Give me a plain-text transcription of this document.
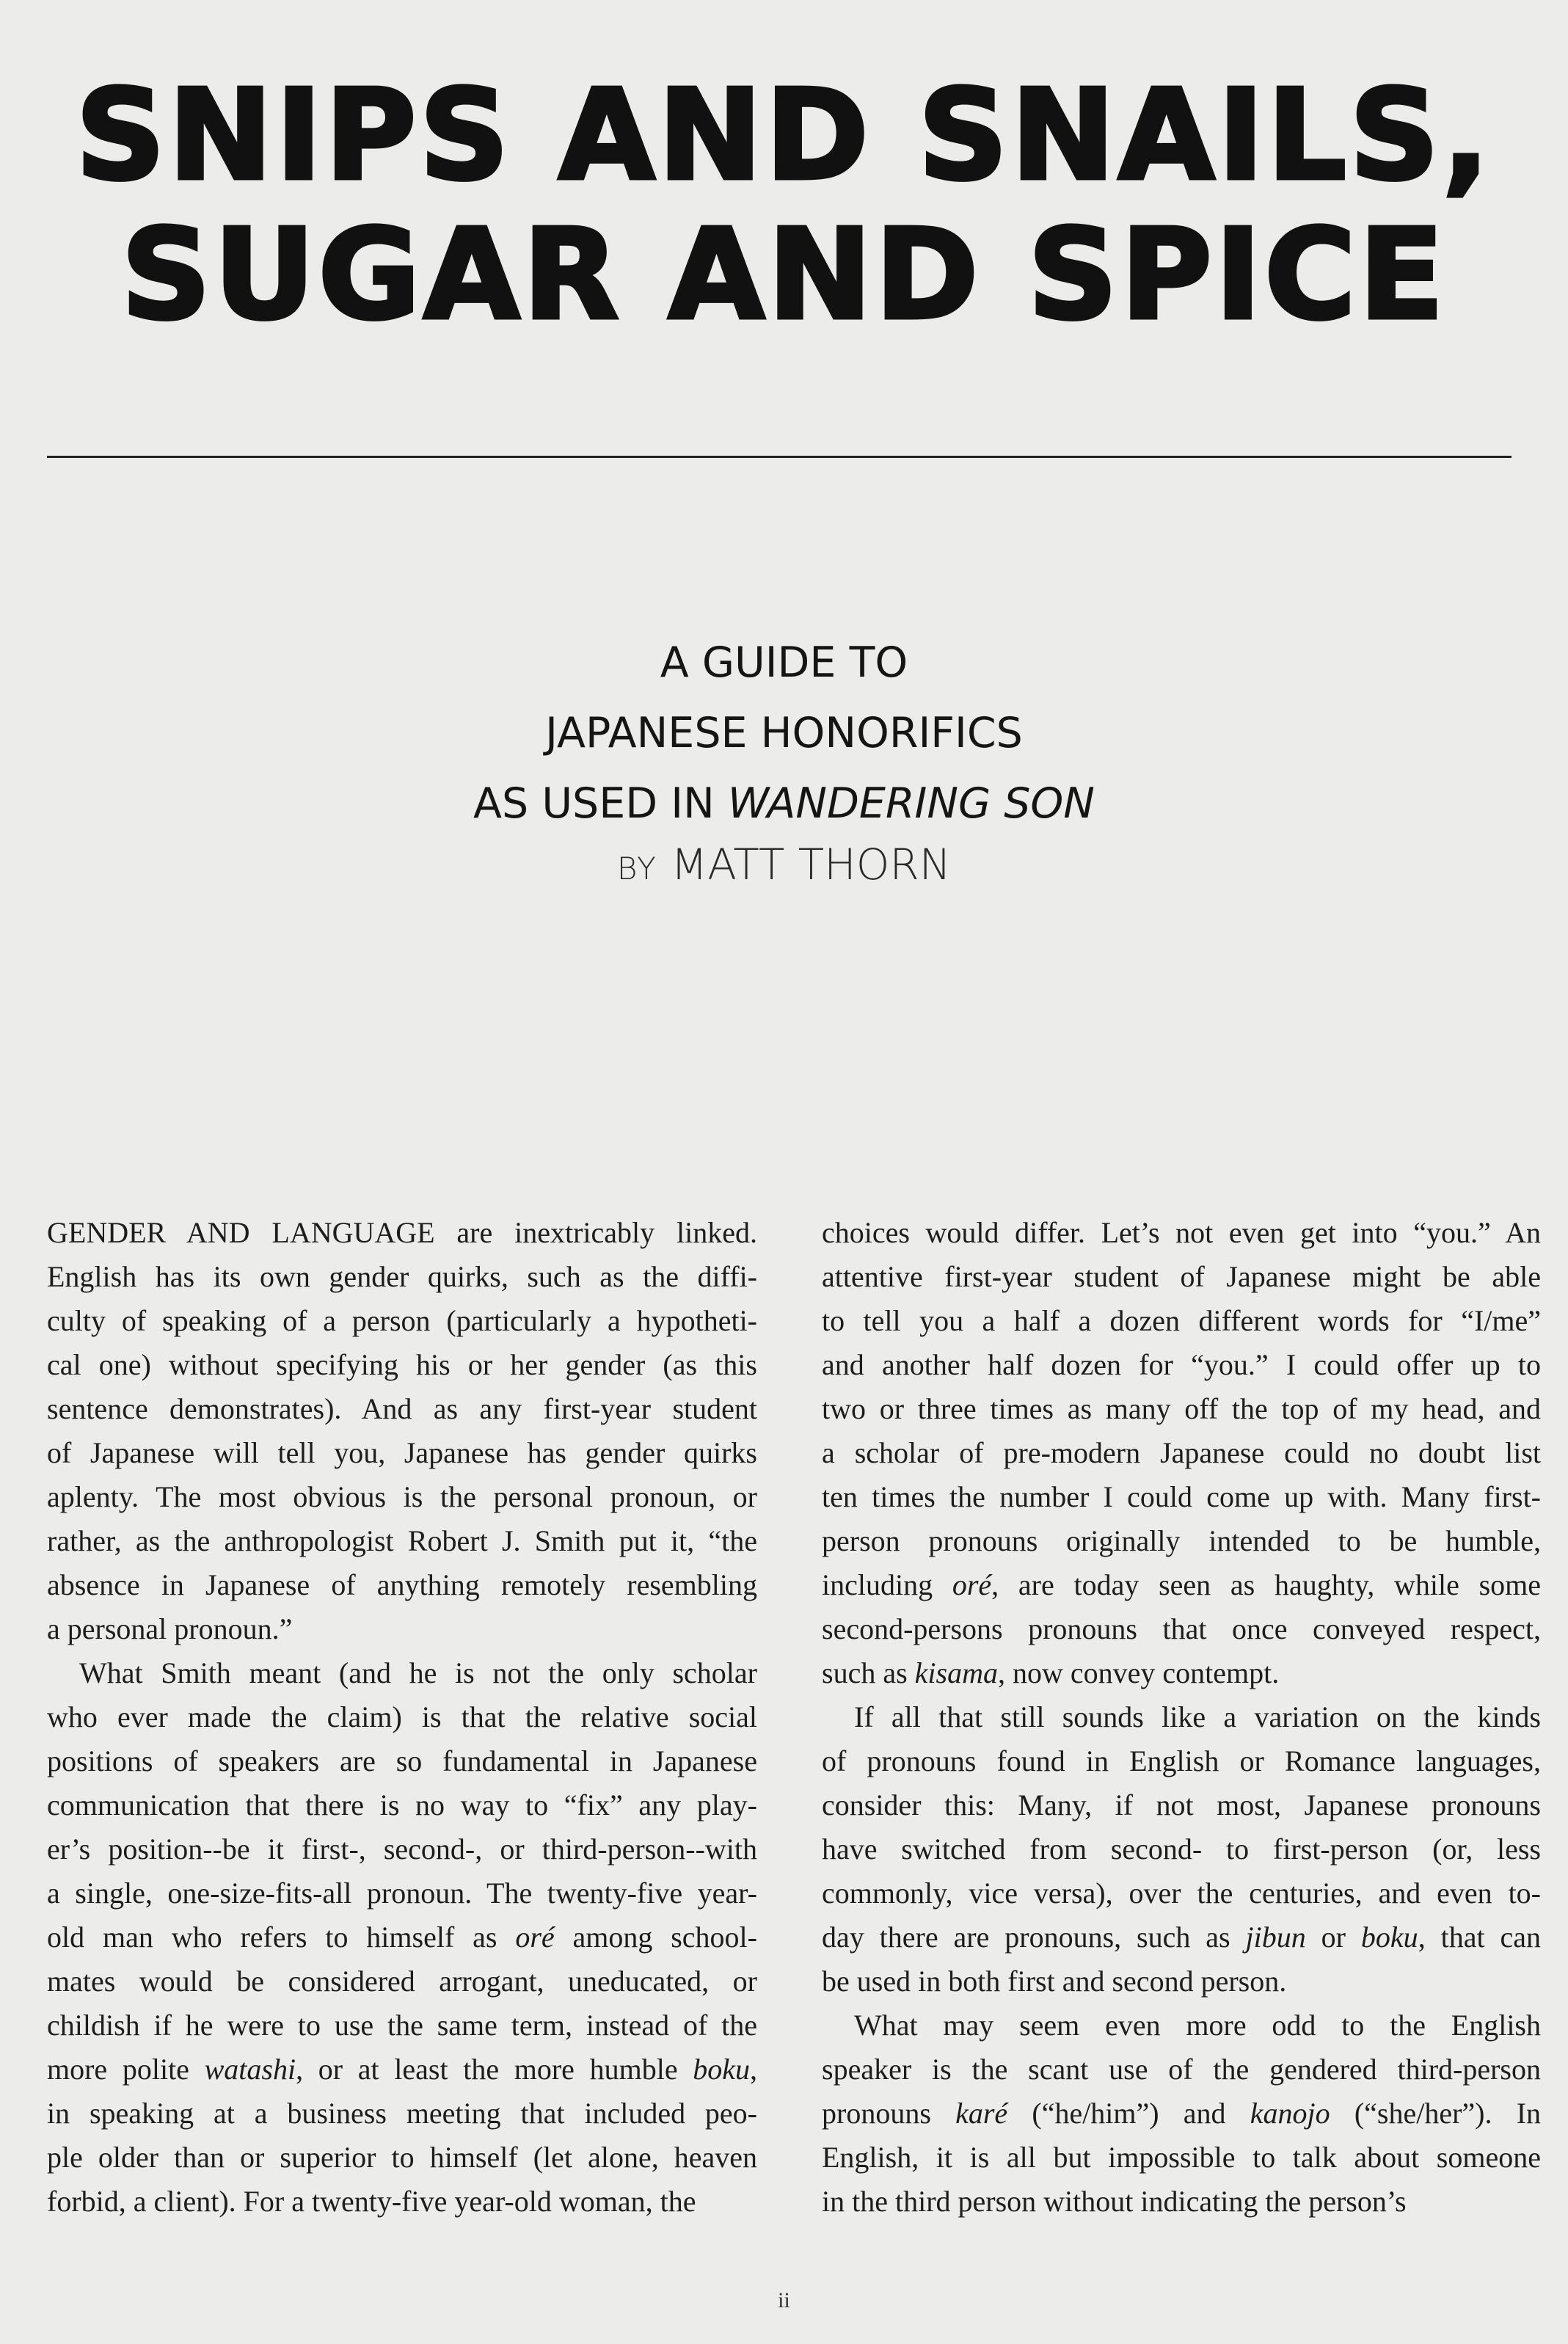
SNIPS AND SNAILS,
SUGAR AND SPICE
A GUIDE TO
JAPANESE HONORIFICS
AS USED IN WANDERING SON
BY MATT THORN
GENDER AND LANGUAGE are inextricably linked.
English has its own gender quirks, such as the diffi-
culty of speaking of a person (particularly a hypotheti-
cal one) without specifying his or her gender (as this
sentence demonstrates). And as any first-year student
of Japanese will tell you, Japanese has gender quirks
aplenty. The most obvious is the personal pronoun, or
rather, as the anthropologist Robert J. Smith put it, “the
absence in Japanese of anything remotely resembling
a personal pronoun.”
What Smith meant (and he is not the only scholar
who ever made the claim) is that the relative social
positions of speakers are so fundamental in Japanese
communication that there is no way to “fix” any play-
er’s position--be it first-, second-, or third-person--with
a single, one-size-fits-all pronoun. The twenty-five year-
old man who refers to himself as oré among school-
mates would be considered arrogant, uneducated, or
childish if he were to use the same term, instead of the
more polite watashi, or at least the more humble boku,
in speaking at a business meeting that included peo-
ple older than or superior to himself (let alone, heaven
forbid, a client). For a twenty-five year-old woman, the
choices would differ. Let’s not even get into “you.” An
attentive first-year student of Japanese might be able
to tell you a half a dozen different words for “I/me”
and another half dozen for “you.” I could offer up to
two or three times as many off the top of my head, and
a scholar of pre-modern Japanese could no doubt list
ten times the number I could come up with. Many first-
person pronouns originally intended to be humble,
including oré, are today seen as haughty, while some
second-persons pronouns that once conveyed respect,
such as kisama, now convey contempt.
If all that still sounds like a variation on the kinds
of pronouns found in English or Romance languages,
consider this: Many, if not most, Japanese pronouns
have switched from second- to first-person (or, less
commonly, vice versa), over the centuries, and even to-
day there are pronouns, such as jibun or boku, that can
be used in both first and second person.
What may seem even more odd to the English
speaker is the scant use of the gendered third-person
pronouns karé (“he/him”) and kanojo (“she/her”). In
English, it is all but impossible to talk about someone
in the third person without indicating the person’s
ii
